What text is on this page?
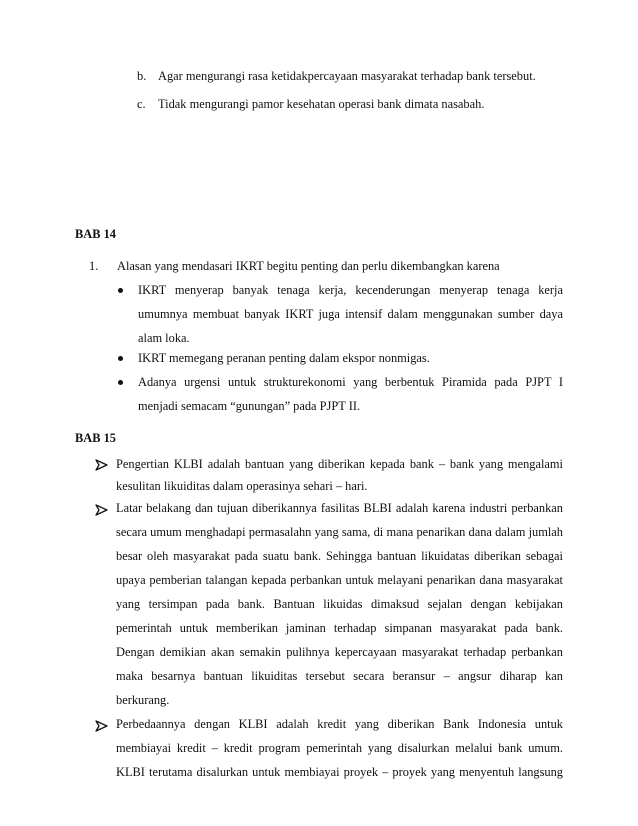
b. Agar mengurangi rasa ketidakpercayaan masyarakat terhadap bank tersebut.
c. Tidak mengurangi pamor kesehatan operasi bank dimata nasabah.
BAB 14
1. Alasan yang mendasari IKRT begitu penting dan perlu dikembangkan karena
IKRT menyerap banyak tenaga kerja, kecenderungan menyerap tenaga kerja
umumnya membuat banyak IKRT juga intensif dalam menggunakan sumber daya
alam loka.
IKRT memegang peranan penting dalam ekspor nonmigas.
Adanya urgensi untuk strukturekonomi yang berbentuk Piramida pada PJPT I
menjadi semacam “gunungan” pada PJPT II.
BAB 15
Pengertian KLBI adalah bantuan yang diberikan kepada bank – bank yang mengalami
kesulitan likuiditas dalam operasinya sehari – hari.
Latar belakang dan tujuan diberikannya fasilitas BLBI adalah karena industri perbankan
secara umum menghadapi permasalahn yang sama, di mana penarikan dana dalam jumlah
besar oleh masyarakat pada suatu bank. Sehingga bantuan likuidatas diberikan sebagai
upaya pemberian talangan kepada perbankan untuk melayani penarikan dana masyarakat
yang tersimpan pada bank. Bantuan likuidas dimaksud sejalan dengan kebijakan
pemerintah untuk memberikan jaminan terhadap simpanan masyarakat pada bank.
Dengan demikian akan semakin pulihnya kepercayaan masyarakat terhadap perbankan
maka besarnya bantuan likuiditas tersebut secara beransur – angsur diharap kan
berkurang.
Perbedaannya dengan KLBI adalah kredit yang diberikan Bank Indonesia untuk
membiayai kredit – kredit program pemerintah yang disalurkan melalui bank umum.
KLBI terutama disalurkan untuk membiayai proyek – proyek yang menyentuh langsung
